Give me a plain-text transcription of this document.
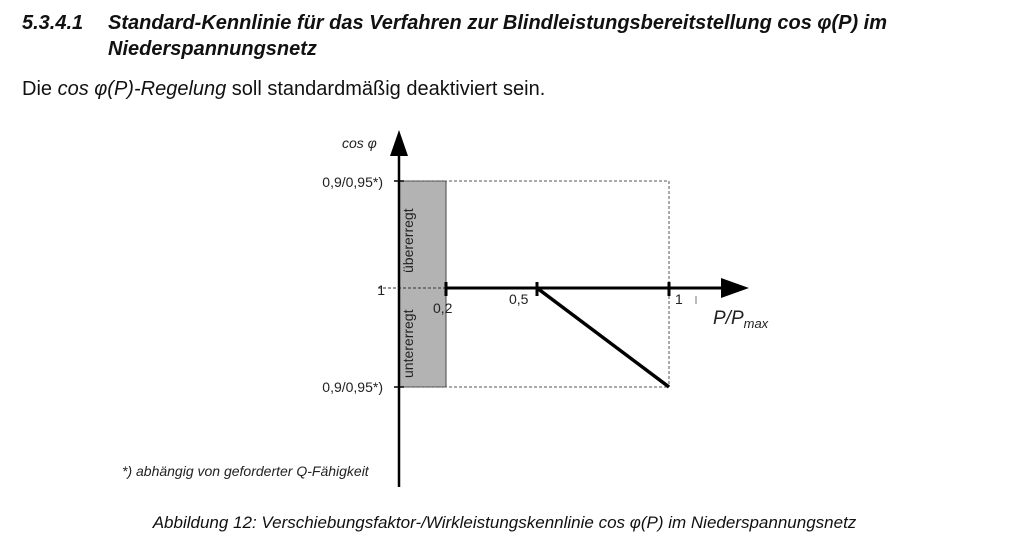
5.3.4.1 Standard-Kennlinie für das Verfahren zur Blindleistungsbereitstellung cos φ(P) im Niederspannungsnetz
Die cos φ(P)-Regelung soll standardmäßig deaktiviert sein.
cos φ
0,9/0,95*)
1
0,9/0,95*)
0,2
0,5	1
$P/P_{max}$
übererregt
untererregt
*) abhängig von geforderter Q-Fähigkeit
Abbildung 12: Verschiebungsfaktor-/Wirkleistungskennlinie cos φ(P) im Niederspannungsnetz
